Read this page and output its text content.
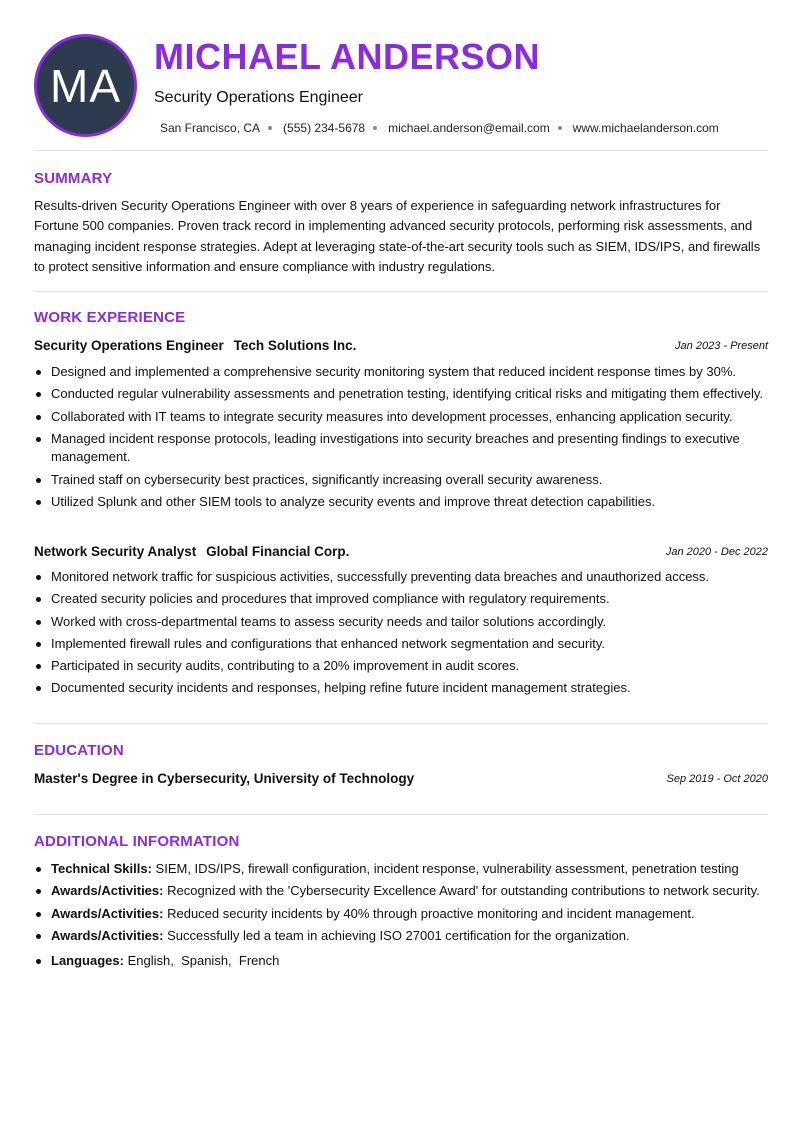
MA
MICHAEL ANDERSON
Security Operations Engineer
San Francisco, CA (555) 234-5678 michael.anderson@email.com www.michaelanderson.com
SUMMARY
Results-driven Security Operations Engineer with over 8 years of experience in safeguarding network infrastructures for Fortune 500 companies. Proven track record in implementing advanced security protocols, performing risk assessments, and managing incident response strategies. Adept at leveraging state-of-the-art security tools such as SIEM, IDS/IPS, and firewalls to protect sensitive information and ensure compliance with industry regulations.
WORK EXPERIENCE
Security Operations Engineer Tech Solutions Inc.	Jan 2023 - Present
Designed and implemented a comprehensive security monitoring system that reduced incident response times by 30%.
Conducted regular vulnerability assessments and penetration testing, identifying critical risks and mitigating them effectively.
Collaborated with IT teams to integrate security measures into development processes, enhancing application security.
Managed incident response protocols, leading investigations into security breaches and presenting findings to executive management.
Trained staff on cybersecurity best practices, significantly increasing overall security awareness.
Utilized Splunk and other SIEM tools to analyze security events and improve threat detection capabilities.
Network Security Analyst Global Financial Corp.	Jan 2020 - Dec 2022
Monitored network traffic for suspicious activities, successfully preventing data breaches and unauthorized access.
Created security policies and procedures that improved compliance with regulatory requirements.
Worked with cross-departmental teams to assess security needs and tailor solutions accordingly.
Implemented firewall rules and configurations that enhanced network segmentation and security.
Participated in security audits, contributing to a 20% improvement in audit scores.
Documented security incidents and responses, helping refine future incident management strategies.
EDUCATION
Master's Degree in Cybersecurity, University of Technology	Sep 2019 - Oct 2020
ADDITIONAL INFORMATION
Technical Skills: SIEM, IDS/IPS, firewall configuration, incident response, vulnerability assessment, penetration testing
Awards/Activities: Recognized with the 'Cybersecurity Excellence Award' for outstanding contributions to network security.
Awards/Activities: Reduced security incidents by 40% through proactive monitoring and incident management.
Awards/Activities: Successfully led a team in achieving ISO 27001 certification for the organization.
Languages: English,  Spanish,  French
